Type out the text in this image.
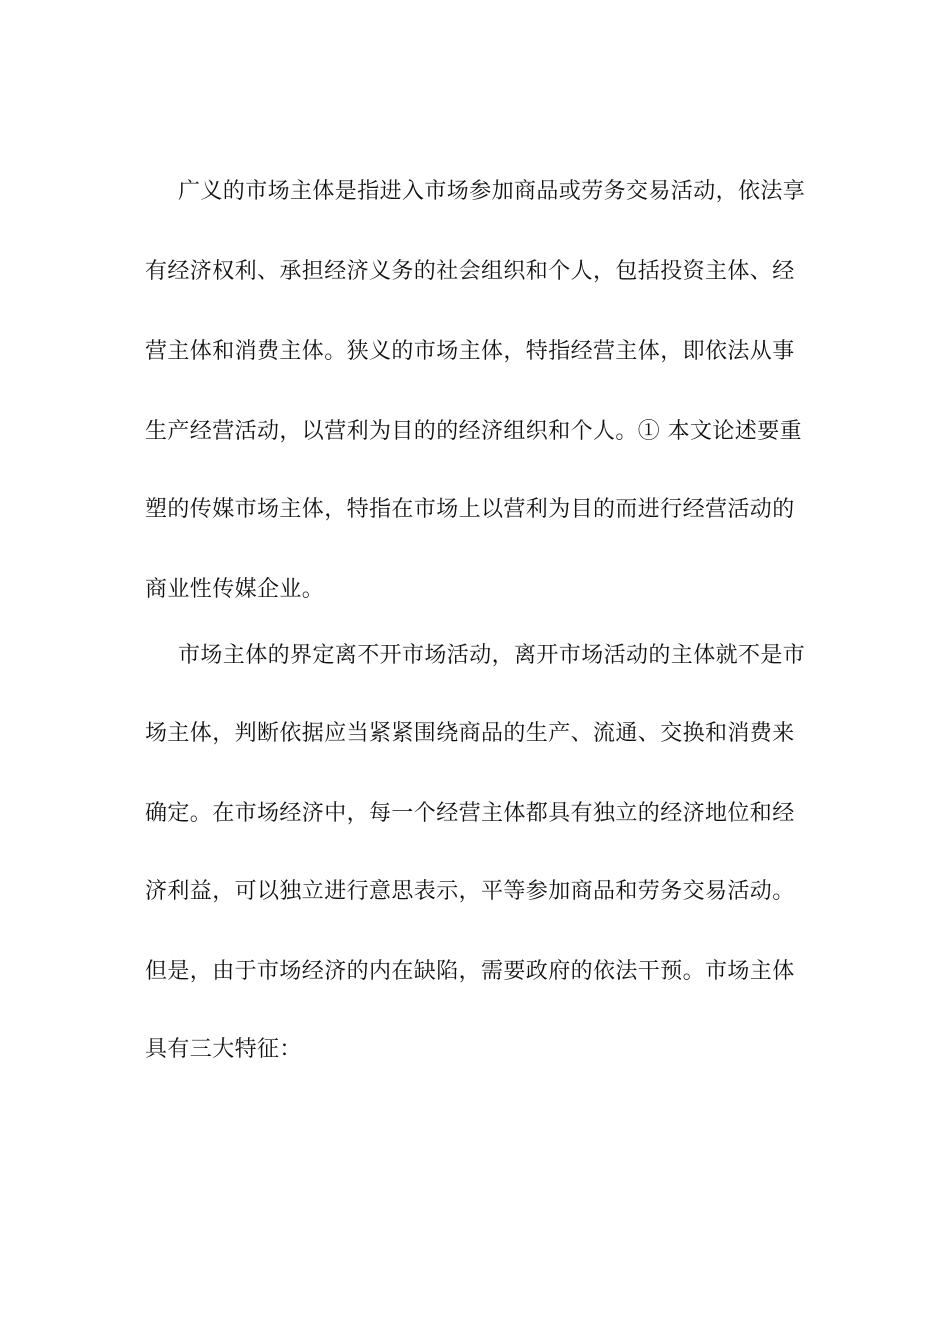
广义的市场主体是指进入市场参加商品或劳务交易活动，依法享
有经济权利、承担经济义务的社会组织和个人，包括投资主体、经
营主体和消费主体。狭义的市场主体，特指经营主体，即依法从事
生产经营活动，以营利为目的的经济组织和个人。① 本文论述要重
塑的传媒市场主体，特指在市场上以营利为目的而进行经营活动的
商业性传媒企业。
市场主体的界定离不开市场活动，离开市场活动的主体就不是市
场主体，判断依据应当紧紧围绕商品的生产、流通、交换和消费来
确定。在市场经济中，每一个经营主体都具有独立的经济地位和经
济利益，可以独立进行意思表示，平等参加商品和劳务交易活动。
但是，由于市场经济的内在缺陷，需要政府的依法干预。市场主体
具有三大特征：
